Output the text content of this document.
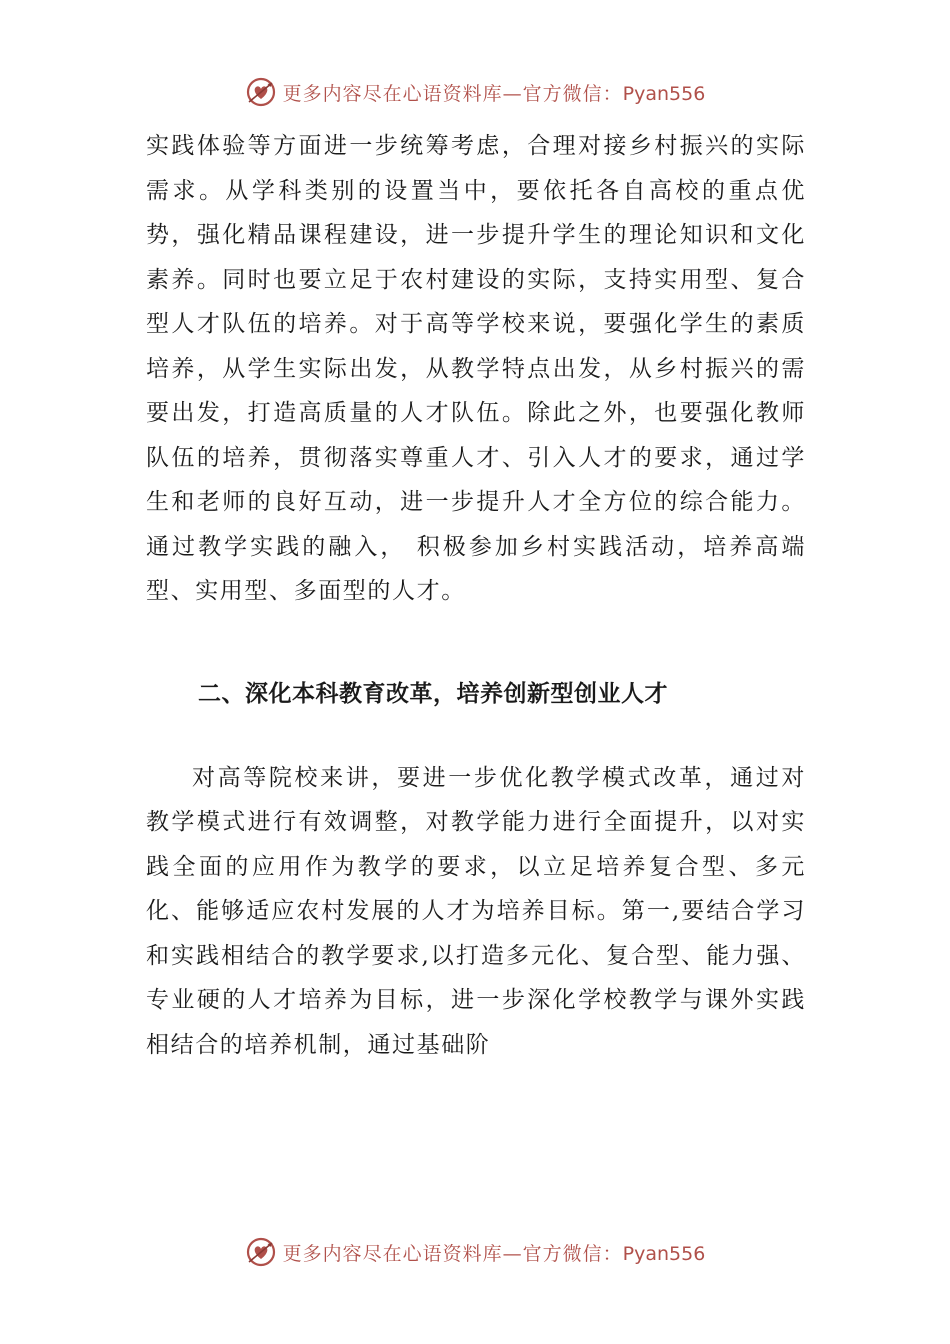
更多内容尽在心语资料库—官方微信：Pyan556

实践体验等方面进一步统筹考虑，合理对接乡村振兴的实际需求。从学科类别的设置当中，要依托各自高校的重点优势，强化精品课程建设，进一步提升学生的理论知识和文化素养。同时也要立足于农村建设的实际，支持实用型、复合型人才队伍的培养。对于高等学校来说，要强化学生的素质培养，从学生实际出发，从教学特点出发，从乡村振兴的需要出发，打造高质量的人才队伍。除此之外，也要强化教师队伍的培养，贯彻落实尊重人才、引入人才的要求，通过学生和老师的良好互动，进一步提升人才全方位的综合能力。通过教学实践的融入， 积极参加乡村实践活动，培养高端型、实用型、多面型的人才。

二、深化本科教育改革，培养创新型创业人才

对高等院校来讲，要进一步优化教学模式改革，通过对教学模式进行有效调整，对教学能力进行全面提升，以对实践全面的应用作为教学的要求，以立足培养复合型、多元化、能够适应农村发展的人才为培养目标。第一,要结合学习和实践相结合的教学要求,以打造多元化、复合型、能力强、专业硬的人才培养为目标，进一步深化学校教学与课外实践相结合的培养机制，通过基础阶

更多内容尽在心语资料库—官方微信：Pyan556
